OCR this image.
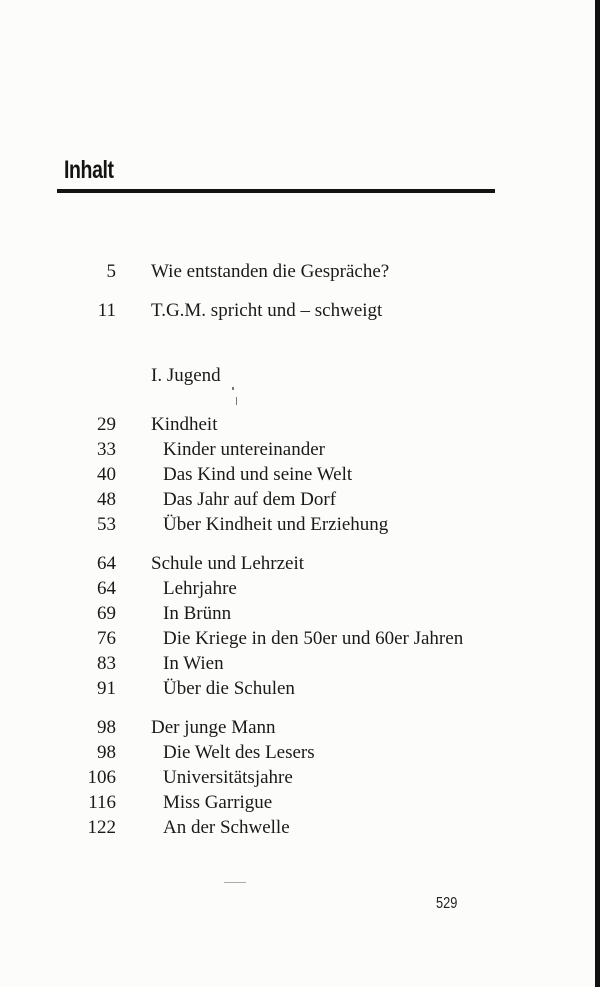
Inhalt
5 Wie entstanden die Gespräche?
11 T.G.M. spricht und – schweigt
I. Jugend
29 Kindheit
33 Kinder untereinander
40 Das Kind und seine Welt
48 Das Jahr auf dem Dorf
53 Über Kindheit und Erziehung
64 Schule und Lehrzeit
64 Lehrjahre
69 In Brünn
76 Die Kriege in den 50er und 60er Jahren
83 In Wien
91 Über die Schulen
98 Der junge Mann
98 Die Welt des Lesers
106 Universitätsjahre
116 Miss Garrigue
122 An der Schwelle
529
